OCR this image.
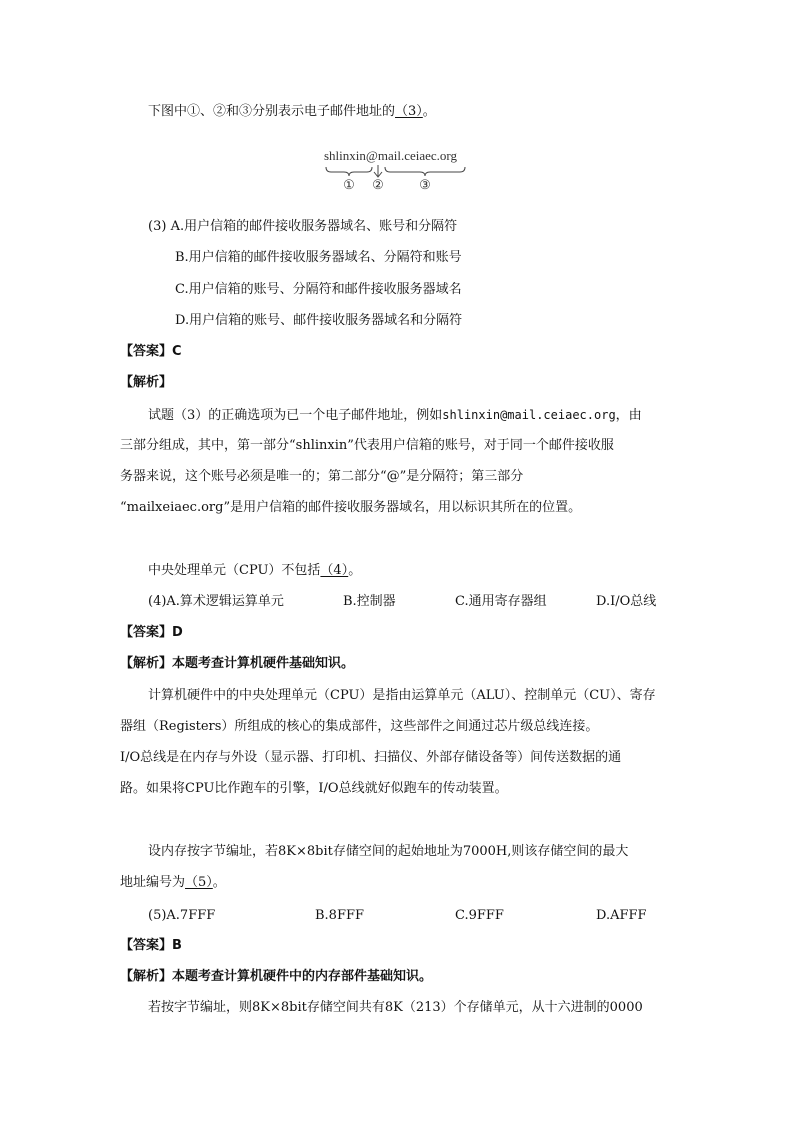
下图中①、②和③分别表示电子邮件地址的（3）。
shlinxin@mail.ceiaec.org
① ②	③
(3) A.用户信箱的邮件接收服务器域名、账号和分隔符
B.用户信箱的邮件接收服务器域名、分隔符和账号
C.用户信箱的账号、分隔符和邮件接收服务器域名
D.用户信箱的账号、邮件接收服务器域名和分隔符
【答案】C
【解析】
试题（3）的正确选项为已一个电子邮件地址，例如shlinxin@mail.ceiaec.org，由
三部分组成，其中，第一部分“shlinxin”代表用户信箱的账号，对于同一个邮件接收服
务器来说，这个账号必须是唯一的；第二部分“@”是分隔符；第三部分
“mailxeiaec.org”是用户信箱的邮件接收服务器域名，用以标识其所在的位置。
中央处理单元（CPU）不包括（4）。
(4)A.算术逻辑运算单元	B.控制器	C.通用寄存器组	D.I/O总线
【答案】D
【解析】本题考查计算机硬件基础知识。
计算机硬件中的中央处理单元（CPU）是指由运算单元（ALU）、控制单元（CU）、寄存
器组（Registers）所组成的核心的集成部件，这些部件之间通过芯片级总线连接。
I/O总线是在内存与外设（显示器、打印机、扫描仪、外部存储设备等）间传送数据的通
路。如果将CPU比作跑车的引擎，I/O总线就好似跑车的传动装置。
设内存按字节编址，若8K×8bit存储空间的起始地址为7000H,则该存储空间的最大
地址编号为（5）。
(5)A.7FFF	B.8FFF	C.9FFF	D.AFFF
【答案】B
【解析】本题考查计算机硬件中的内存部件基础知识。
若按字节编址，则8K×8bit存储空间共有8K（213）个存储单元，从十六进制的0000
